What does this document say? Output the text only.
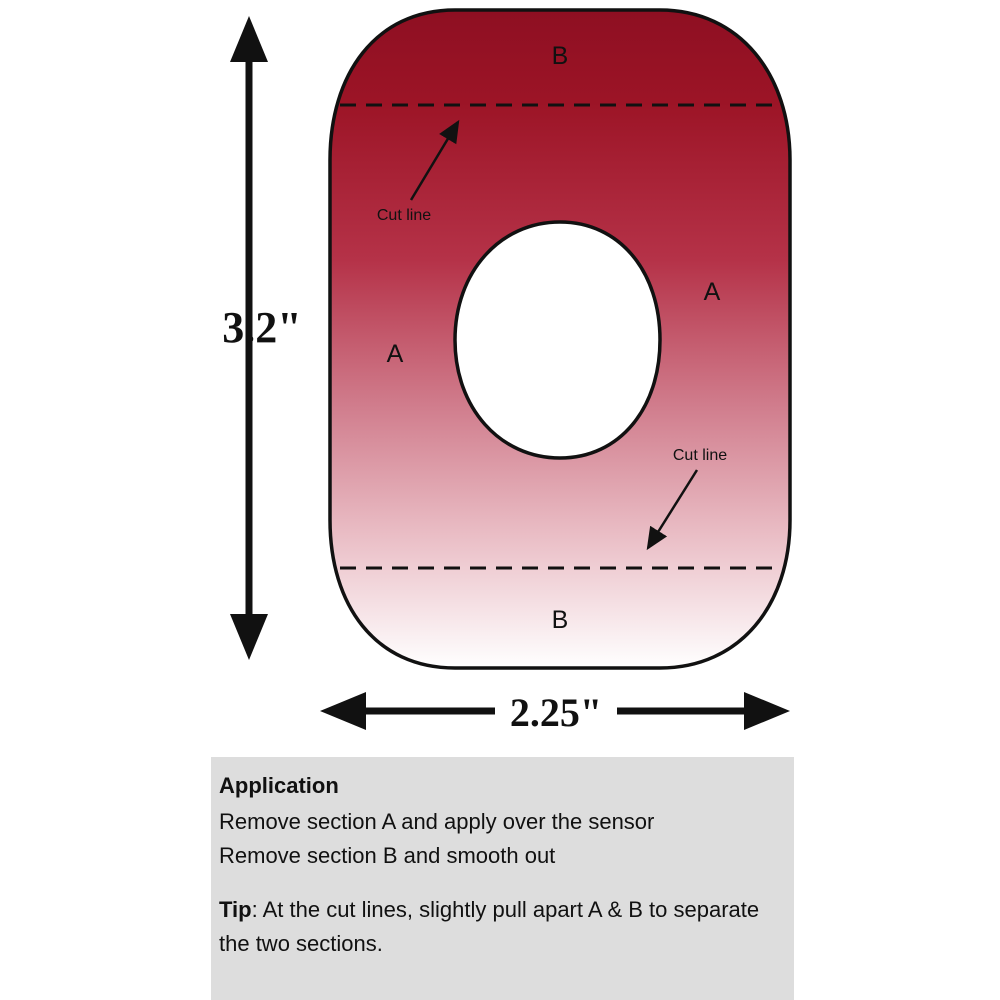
3.2"
2.25"
Cut line
Cut line
B
B
A
A
Application
Remove section A and apply over the sensor
Remove section B and smooth out
Tip: At the cut lines, slightly pull apart A & B to separate the two sections.
